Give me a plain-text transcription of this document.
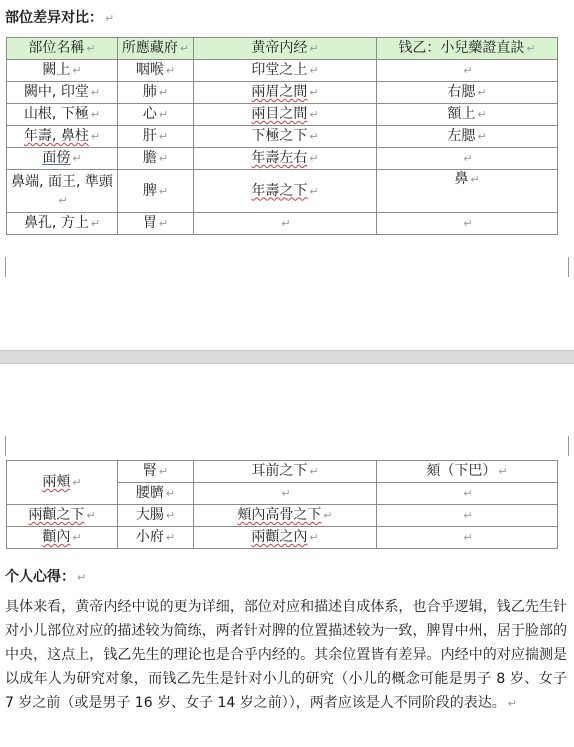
部位差异对比： ↵
部位名稱 ↵	所應藏府 ↵	黄帝内经 ↵	钱乙：小兒藥證直訣 ↵
闕上 ↵	咽喉 ↵	印堂之上 ↵	↵
闕中, 印堂 ↵	肺 ↵	兩眉之間 ↵	右腮 ↵
山根, 下極 ↵	心 ↵	兩目之間 ↵	額上 ↵
年壽, 鼻柱 ↵	肝 ↵	下極之下 ↵	左腮 ↵
面傍 ↵	膽 ↵	年壽左右 ↵	↵
鼻端, 面王, 準頭↵	脾 ↵	年壽之下 ↵	鼻 ↵
鼻孔, 方上 ↵	胃 ↵	↵	↵
兩頰 ↵	腎 ↵	耳前之下 ↵	頦（下巴） ↵
	腰臍 ↵	↵	↵
兩顴之下 ↵	大腸 ↵	頰內高骨之下 ↵	↵
顴內 ↵	小府 ↵	兩顴之內 ↵	↵
个人心得： ↵
具体来看，黄帝内经中说的更为详细，部位对应和描述自成体系，也合乎逻辑，钱乙先生针对小儿部位对应的描述较为简练，两者针对脾的位置描述较为一致，脾胃中州，居于脸部的中央，这点上，钱乙先生的理论也是合乎内经的。其余位置皆有差异。内经中的对应揣测是以成年人为研究对象，而钱乙先生是针对小儿的研究（小儿的概念可能是男子 8 岁、女子 7 岁之前（或是男子 16 岁、女子 14 岁之前）），两者应该是人不同阶段的表达。 ↵
